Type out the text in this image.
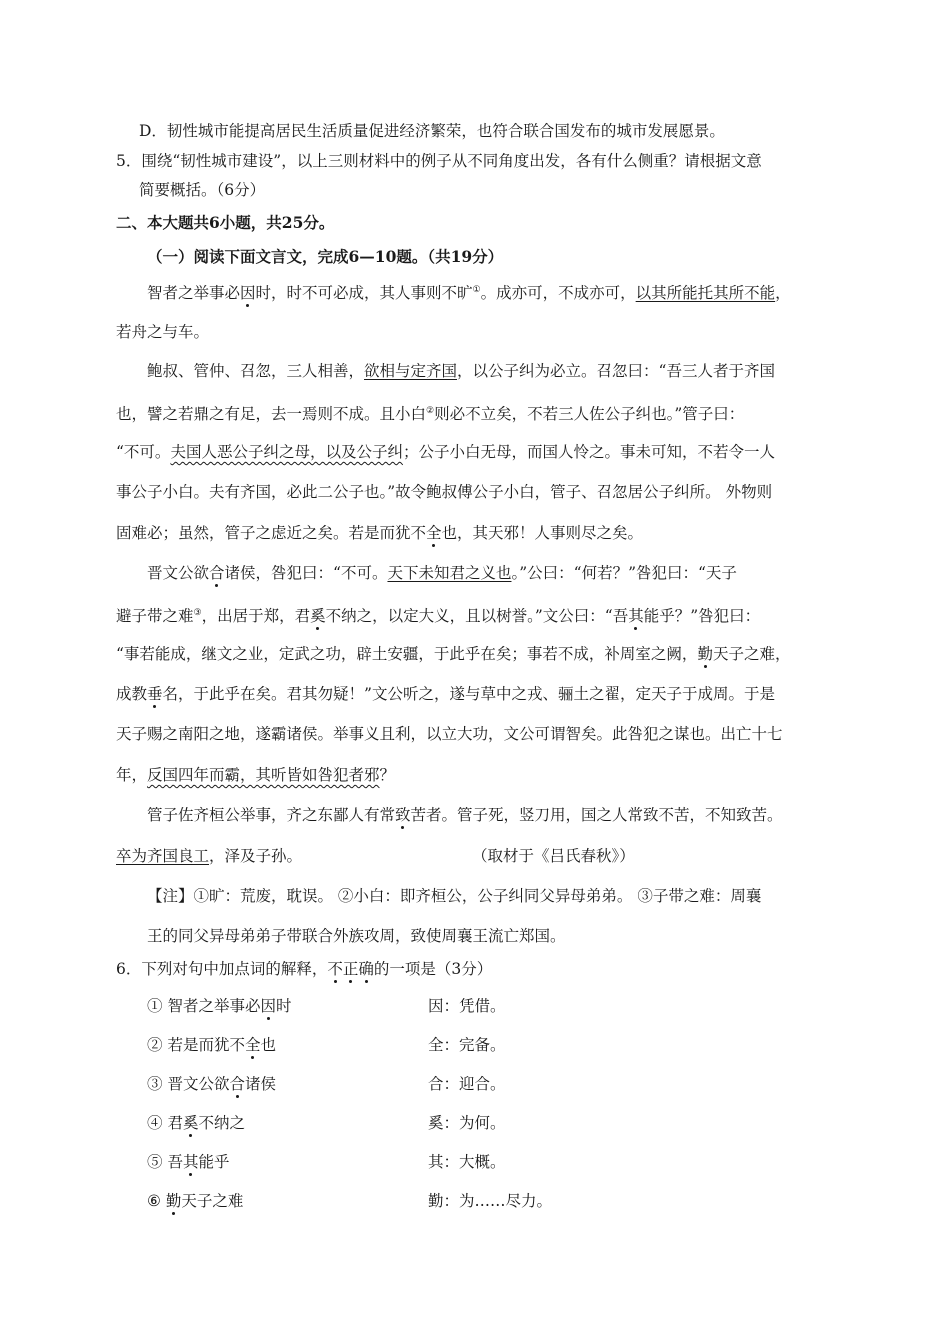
D．韧性城市能提高居民生活质量促进经济繁荣，也符合联合国发布的城市发展愿景。
5．围绕“韧性城市建设”，以上三则材料中的例子从不同角度出发，各有什么侧重？请根据文意
简要概括。（6分）
二、本大题共6小题，共25分。
（一）阅读下面文言文，完成6—10题。（共19分）
智者之举事必因时，时不可必成，其人事则不旷①。成亦可，不成亦可，以其所能托其所不能，
若舟之与车。
鲍叔、管仲、召忽，三人相善，欲相与定齐国，以公子纠为必立。召忽曰：“吾三人者于齐国
也，譬之若鼎之有足，去一焉则不成。且小白②则必不立矣，不若三人佐公子纠也。”管子曰：
“不可。夫国人恶公子纠之母，以及公子纠；公子小白无母，而国人怜之。事未可知，不若令一人
事公子小白。夫有齐国，必此二公子也。”故令鲍叔傅公子小白，管子、召忽居公子纠所。 外物则
固难必；虽然，管子之虑近之矣。若是而犹不全也，其天邪！人事则尽之矣。
晋文公欲合诸侯，咎犯曰：“不可。天下未知君之义也。”公曰：“何若？”咎犯曰：“天子
避子带之难③，出居于郑，君奚不纳之，以定大义，且以树誉。”文公曰：“吾其能乎？”咎犯曰：
“事若能成，继文之业，定武之功，辟土安疆，于此乎在矣；事若不成，补周室之阙，勤天子之难，
成教垂名，于此乎在矣。君其勿疑！”文公听之，遂与草中之戎、骊土之翟，定天子于成周。于是
天子赐之南阳之地，遂霸诸侯。举事义且利，以立大功，文公可谓智矣。此咎犯之谋也。出亡十七
年，反国四年而霸，其听皆如咎犯者邪？
管子佐齐桓公举事，齐之东鄙人有常致苦者。管子死，竖刀用，国之人常致不苦，不知致苦。
卒为齐国良工，泽及子孙。	（取材于《吕氏春秋》）
【注】①旷：荒废，耽误。 ②小白：即齐桓公，公子纠同父异母弟弟。 ③子带之难：周襄
王的同父异母弟弟子带联合外族攻周，致使周襄王流亡郑国。
6．下列对句中加点词的解释，不正确的一项是（3分）
① 智者之举事必因时	因：凭借。
② 若是而犹不全也	全：完备。
③ 晋文公欲合诸侯	合：迎合。
④ 君奚不纳之	奚：为何。
⑤ 吾其能乎	其：大概。
⑥ 勤天子之难	勤：为……尽力。
